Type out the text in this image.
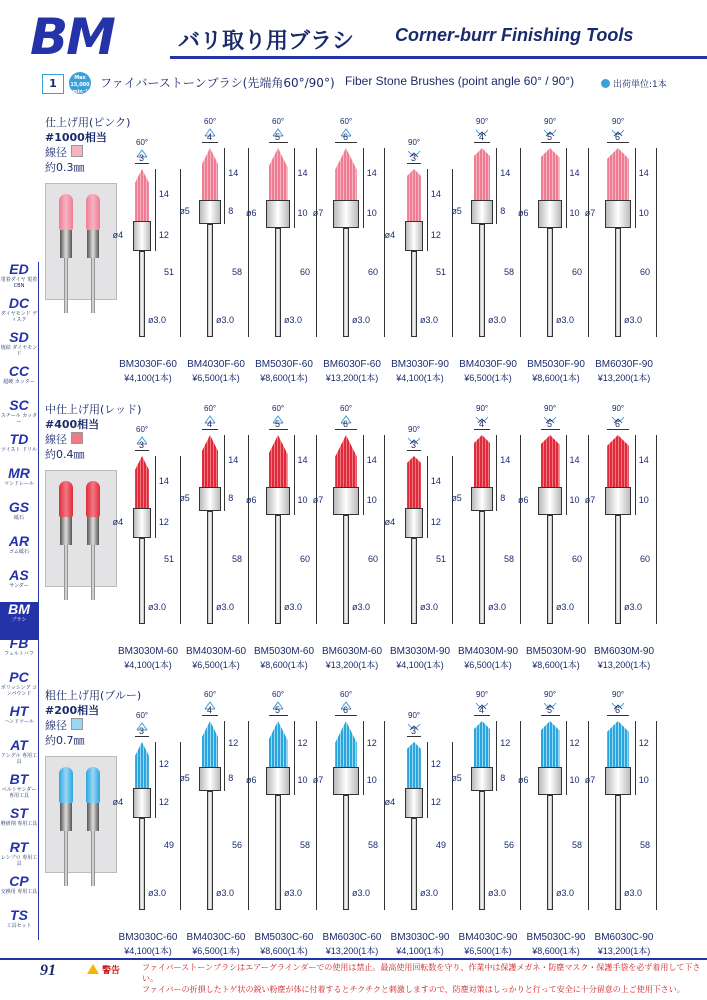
BM	バリ取り用ブラシ Corner-burr Finishing Tools
1	Max 15,000 min⁻¹
ファイバーストーンブラシ(先端角60°/90°) Fiber Stone Brushes (point angle 60° / 90°)	出荷単位:1本
ED
電着ダイヤ 電着CBN
DC
ダイヤモンド ディスク
SD
焼結 ダイヤモンド
CC
超硬 カッター
SC
スチール カッター
TD
ツイスト ドリル
MR
マンドレール
GS
砥石
AR
ゴム砥石
AS
サンダー
BM
ブラシ
FB
フェルトバフ
PC
ポリッシング コンパウンド
HT
ハンドツール
AT
アングル 専用工具
BT
ベルトサンダー 専用工具
ST
軽研削 専用工具
RT
レシプロ 専用工具
CP
交換用 専用工具
TS
工具セット
仕上げ用(ピンク)
#1000相当
線径
約0.3㎜
60°
3
14
ø4	12
ø3.0
51
BM3030F-60
¥4,100(1本)
60°
4
14
ø5	8
ø3.0
58
BM4030F-60
¥6,500(1本)
60°
5
14
ø6	10
ø3.0
60
BM5030F-60
¥8,600(1本)
60°
6
14
ø7	10
ø3.0
60
BM6030F-60
¥13,200(1本)
90°
3
14
ø4	12
ø3.0
51
BM3030F-90
¥4,100(1本)
90°
4
14
ø5	8
ø3.0
58
BM4030F-90
¥6,500(1本)
90°
5
14
ø6	10
ø3.0
60
BM5030F-90
¥8,600(1本)
90°
6
14
ø7	10
ø3.0
60
BM6030F-90
¥13,200(1本)
中仕上げ用(レッド)
#400相当
線径
約0.4㎜
60°
3
14
ø4	12
ø3.0
51
BM3030M-60
¥4,100(1本)
60°
4
14
ø5	8
ø3.0
58
BM4030M-60
¥6,500(1本)
60°
5
14
ø6	10
ø3.0
60
BM5030M-60
¥8,600(1本)
60°
6
14
ø7	10
ø3.0
60
BM6030M-60
¥13,200(1本)
90°
3
14
ø4	12
ø3.0
51
BM3030M-90
¥4,100(1本)
90°
4
14
ø5	8
ø3.0
58
BM4030M-90
¥6,500(1本)
90°
5
14
ø6	10
ø3.0
60
BM5030M-90
¥8,600(1本)
90°
6
14
ø7	10
ø3.0
60
BM6030M-90
¥13,200(1本)
粗仕上げ用(ブルー)
#200相当
線径
約0.7㎜
60°
3
12
ø4	12
ø3.0
49
BM3030C-60
¥4,100(1本)
60°
4
12
ø5	8
ø3.0
56
BM4030C-60
¥6,500(1本)
60°
5
12
ø6	10
ø3.0
58
BM5030C-60
¥8,600(1本)
60°
6
12
ø7	10
ø3.0
58
BM6030C-60
¥13,200(1本)
90°
3
12
ø4	12
ø3.0
49
BM3030C-90
¥4,100(1本)
90°
4
12
ø5	8
ø3.0
56
BM4030C-90
¥6,500(1本)
90°
5
12
ø6	10
ø3.0
58
BM5030C-90
¥8,600(1本)
90°
6
12
ø7	10
ø3.0
58
BM6030C-90
¥13,200(1本)
91	警告	ファイバーストーンブラシはエアーグラインダーでの使用は禁止。最高使用回転数を守り、作業中は保護メガネ・防塵マスク・保護手袋を必ず着用して下さい。
ファイバーの折損したトゲ状の鋭い粉塵が体に付着するとチクチクと刺激しますので、防塵対策はしっかりと行って安全に十分留意の上ご使用下さい。
